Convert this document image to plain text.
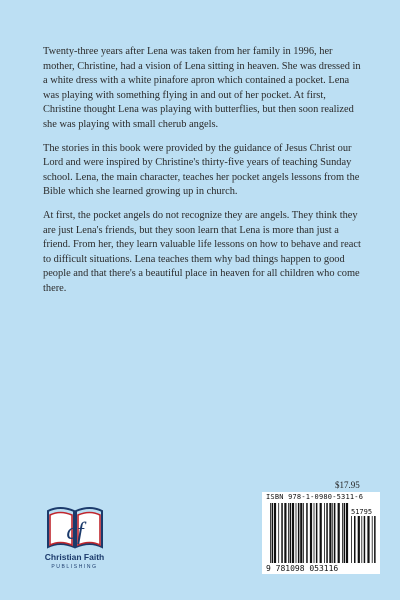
Twenty-three years after Lena was taken from her family in 1996, her mother, Christine, had a vision of Lena sitting in heaven. She was dressed in a white dress with a white pinafore apron which contained a pocket. Lena was playing with something flying in and out of her pocket. At first, Christine thought Lena was playing with butterflies, but then soon realized she was playing with small cherub angels.

The stories in this book were provided by the guidance of Jesus Christ our Lord and were inspired by Christine's thirty-five years of teaching Sunday school. Lena, the main character, teaches her pocket angels lessons from the Bible which she learned growing up in church.

At first, the pocket angels do not recognize they are angels. They think they are just Lena's friends, but they soon learn that Lena is more than just a friend. From her, they learn valuable life lessons on how to behave and react to difficult situations. Lena teaches them why bad things happen to good people and that there's a beautiful place in heaven for all children who come there.

$17.95
9 781098 053116
51795
ISBN 978-1-0980-5311-6
cf
Christian Faith
PUBLISHING
